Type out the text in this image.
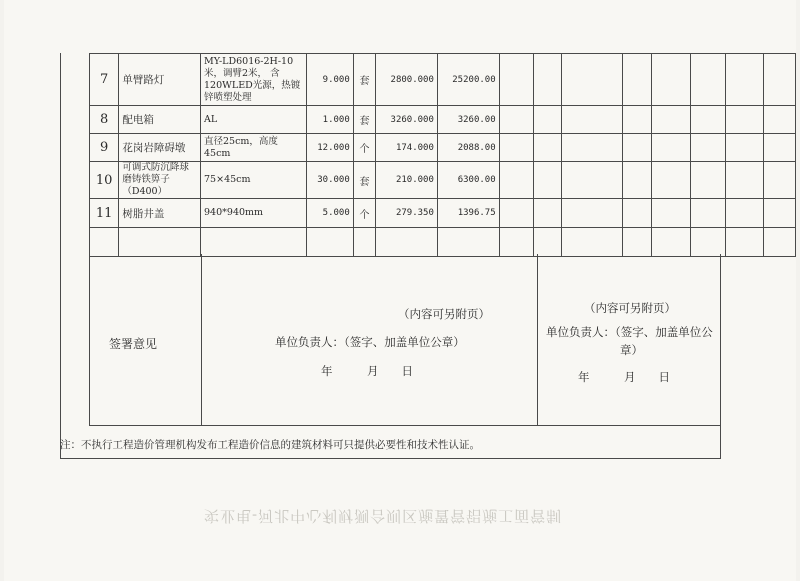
7	单臂路灯	MY-LD6016-2H-10米，调臂2米， 含120WLED光源，热镀锌喷塑处理	9.000	套	2800.000	25200.00								
8	配电箱	AL	1.000	套	3260.000	3260.00								
9	花岗岩障碍墩	直径25cm，高度45cm	12.000	个	174.000	2088.00								
10	可调式防沉降球磨铸铁箅子（D400）	75×45cm	30.000	套	210.000	6300.00								
11	树脂井盖	940*940mm	5.000	个	279.350	1396.75								

签署意见
（内容可另附页）
单位负责人：（签字、加盖单位公章）
年　　　月　　日
（内容可另附页）
单位负责人：（签字、加盖单位公
章）
年　　　月　　日
注：不执行工程造价管理机构发布工程造价信息的建筑材料可只提供必要性和技术性认证。
实业电-河北中心利财测合则区施置管铝施工面管制
